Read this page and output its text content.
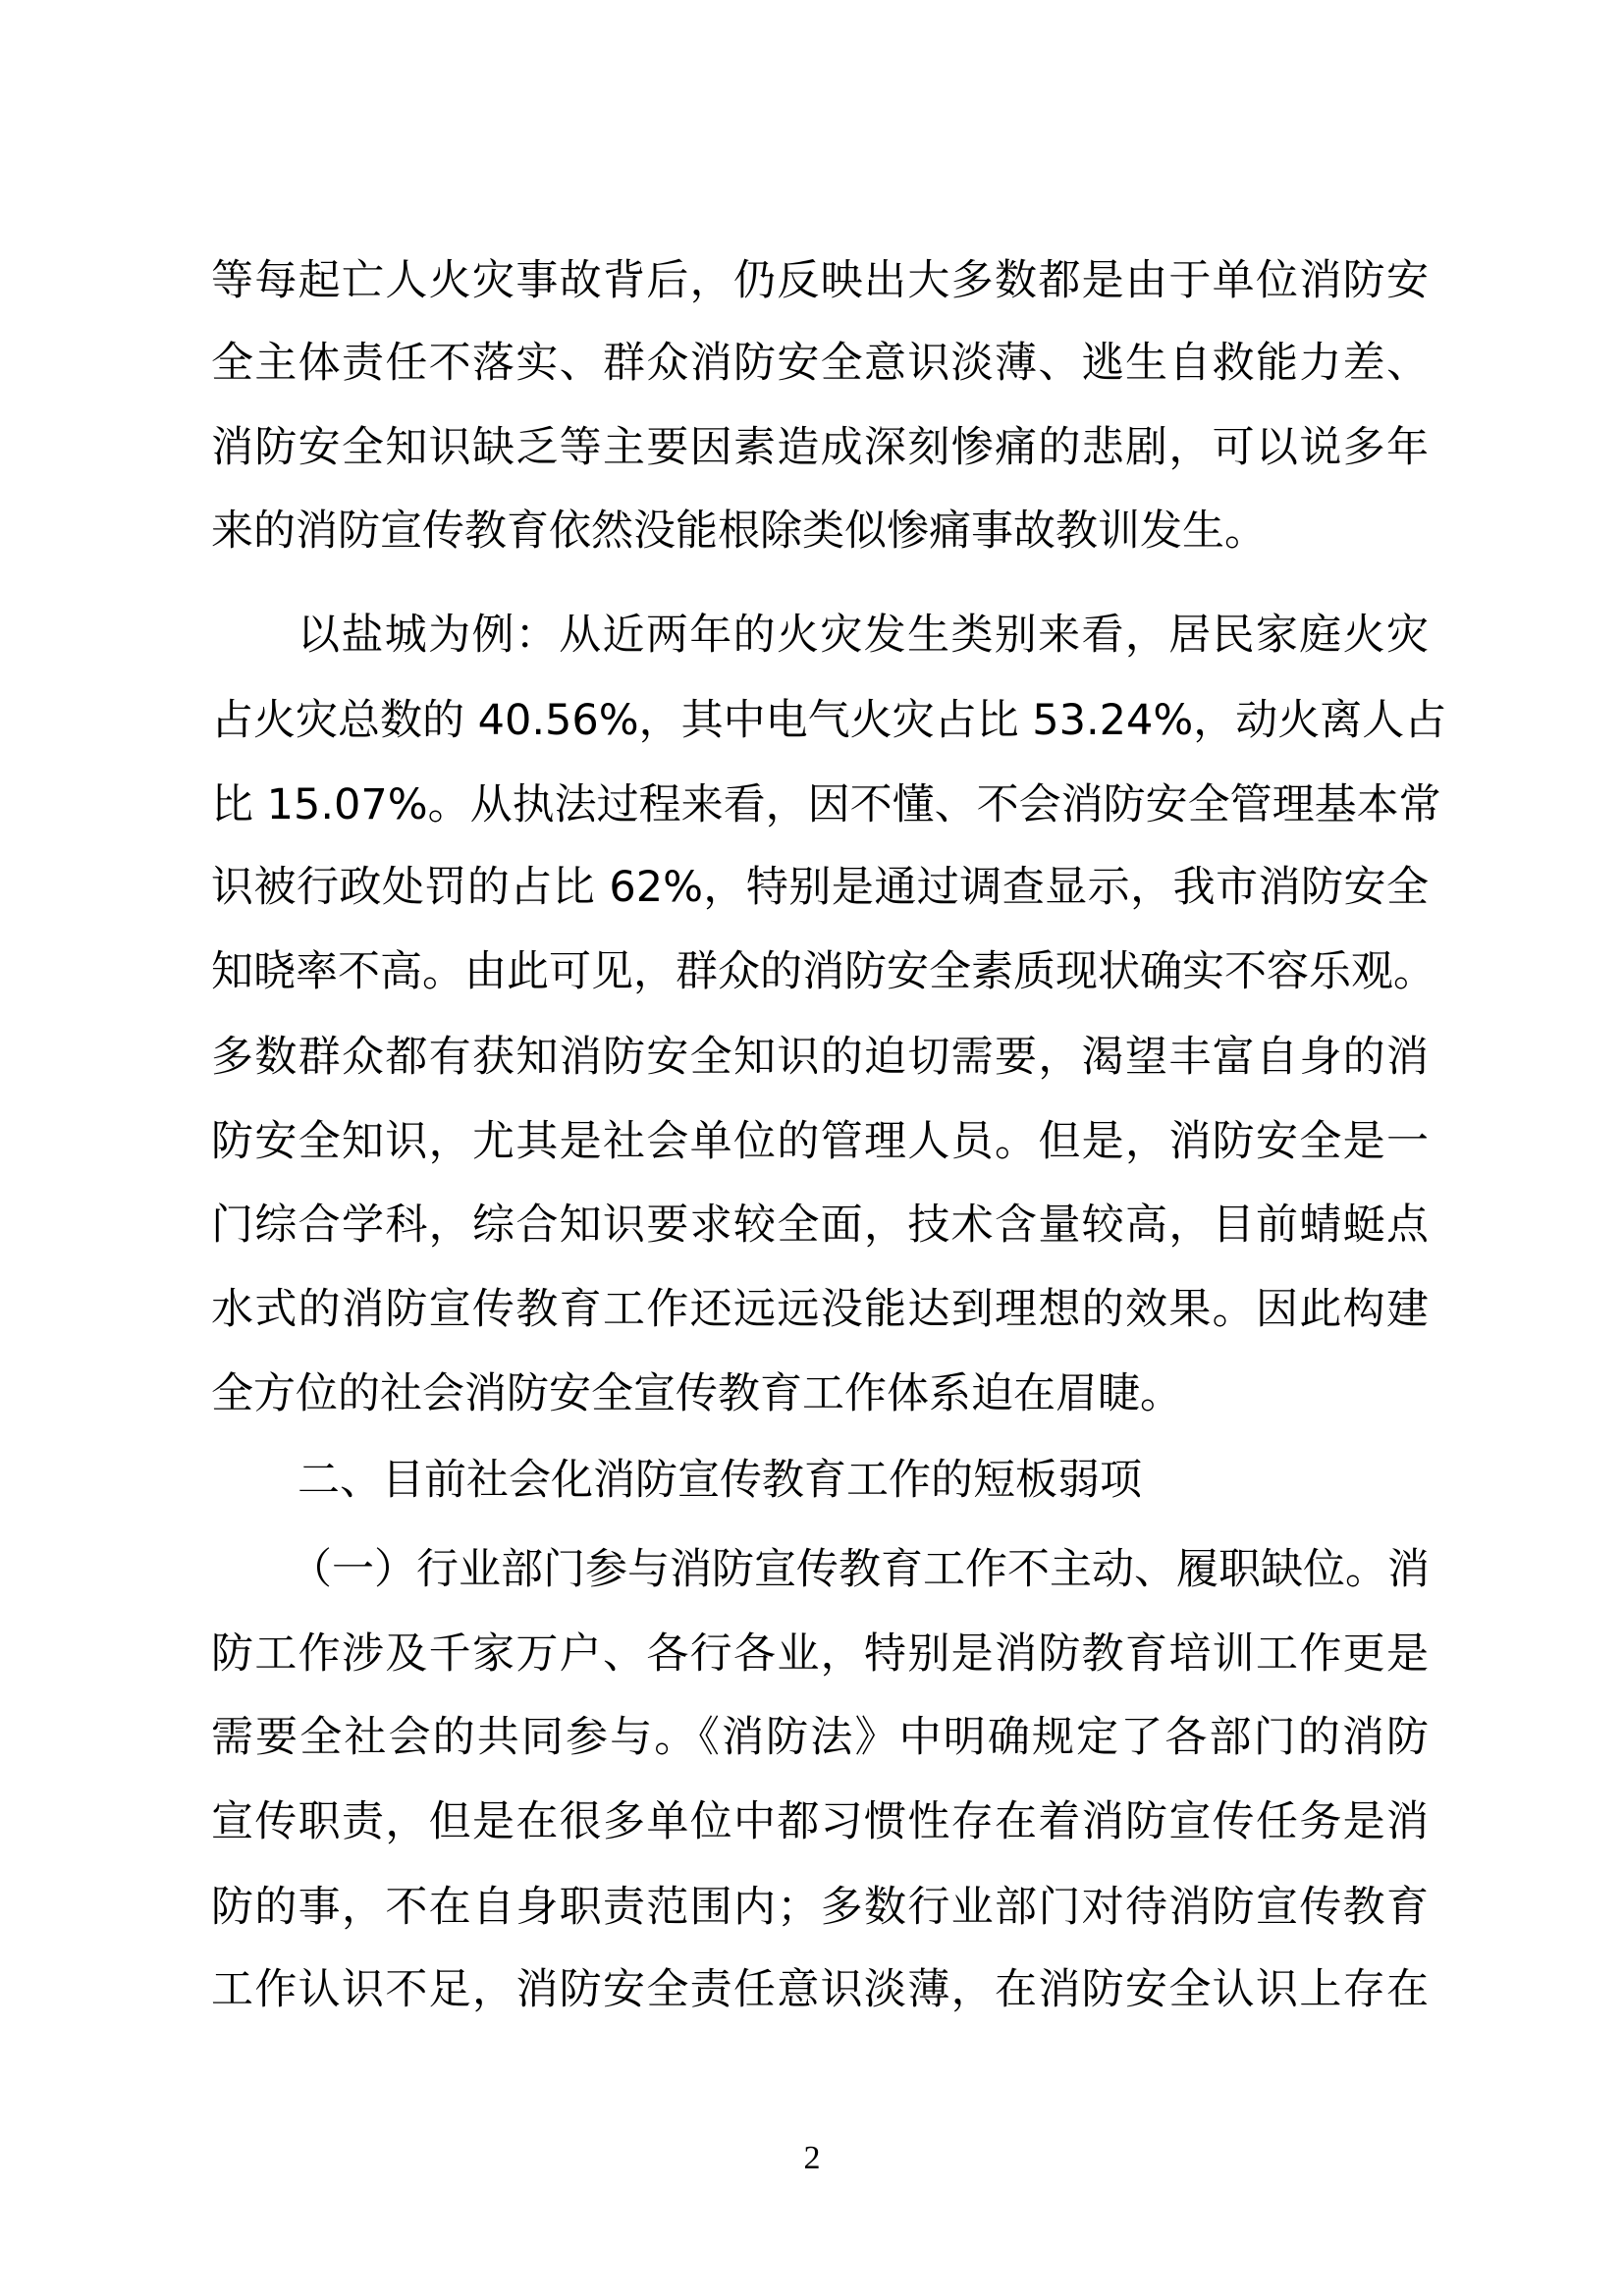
等每起亡人火灾事故背后，仍反映出大多数都是由于单位消防安
全主体责任不落实、群众消防安全意识淡薄、逃生自救能力差、
消防安全知识缺乏等主要因素造成深刻惨痛的悲剧，可以说多年
来的消防宣传教育依然没能根除类似惨痛事故教训发生。
以盐城为例：从近两年的火灾发生类别来看，居民家庭火灾
占火灾总数的 40.56%，其中电气火灾占比 53.24%，动火离人占
比 15.07%。从执法过程来看，因不懂、不会消防安全管理基本常
识被行政处罚的占比 62%，特别是通过调查显示，我市消防安全
知晓率不高。由此可见，群众的消防安全素质现状确实不容乐观。
多数群众都有获知消防安全知识的迫切需要，渴望丰富自身的消
防安全知识，尤其是社会单位的管理人员。但是，消防安全是一
门综合学科，综合知识要求较全面，技术含量较高，目前蜻蜓点
水式的消防宣传教育工作还远远没能达到理想的效果。因此构建
全方位的社会消防安全宣传教育工作体系迫在眉睫。
二、目前社会化消防宣传教育工作的短板弱项
（一）行业部门参与消防宣传教育工作不主动、履职缺位。消
防工作涉及千家万户、各行各业，特别是消防教育培训工作更是
需要全社会的共同参与。《消防法》中明确规定了各部门的消防
宣传职责，但是在很多单位中都习惯性存在着消防宣传任务是消
防的事，不在自身职责范围内；多数行业部门对待消防宣传教育
工作认识不足，消防安全责任意识淡薄，在消防安全认识上存在
2
